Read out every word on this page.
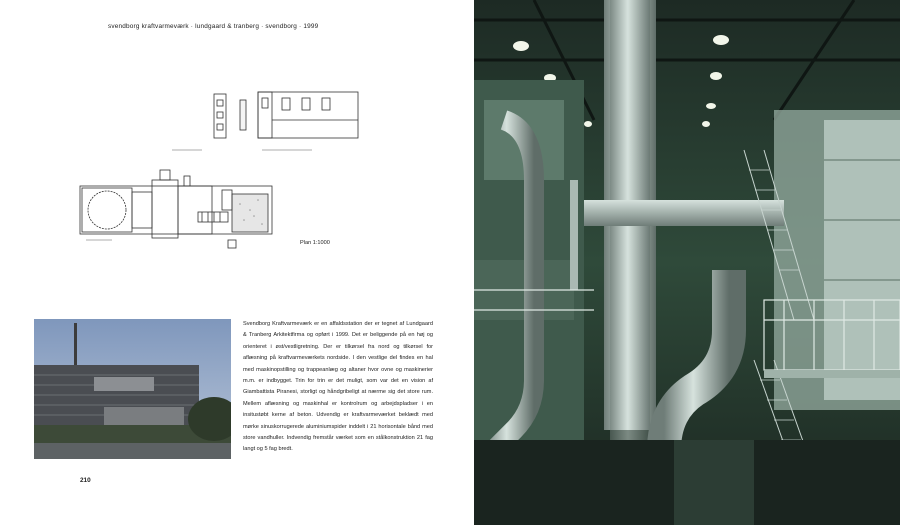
svendborg kraftvarmeværk · lundgaard & tranberg · svendborg · 1999
Plan 1:1000

Svendborg Kraftvarmeværk er en affaldsstation der er tegnet af Lundgaard & Tranberg Arkitektfirma og opført i 1999. Det er beliggende på en høj og orienteret i øst/vestligretning. Der er tilkørsel fra nord og tilkørsel for aflæsning på kraftvarmeværkets nordside. I den vestlige del findes en hal med maskinopstilling og trappeanlæg og altaner hvor ovne og maskinerier m.m. er indbygget. Trin for trin er det muligt, som var det en vision af Giambattista Piranesi, storligt og håndgribeligt at nærme sig det store rum. Mellem aflæsning og maskinhal er kontrolrum og arbejdspladser i en insitustøbt kerne af beton. Udvendig er kraftvarmeværket beklædt med mørke sinuskorrugerede aluminiumspider inddelt i 21 horisontale bånd med store vandhuller. Indvendig fremstår værket som en stålkonstruktion 21 fag langt og 5 fag bredt.

210
